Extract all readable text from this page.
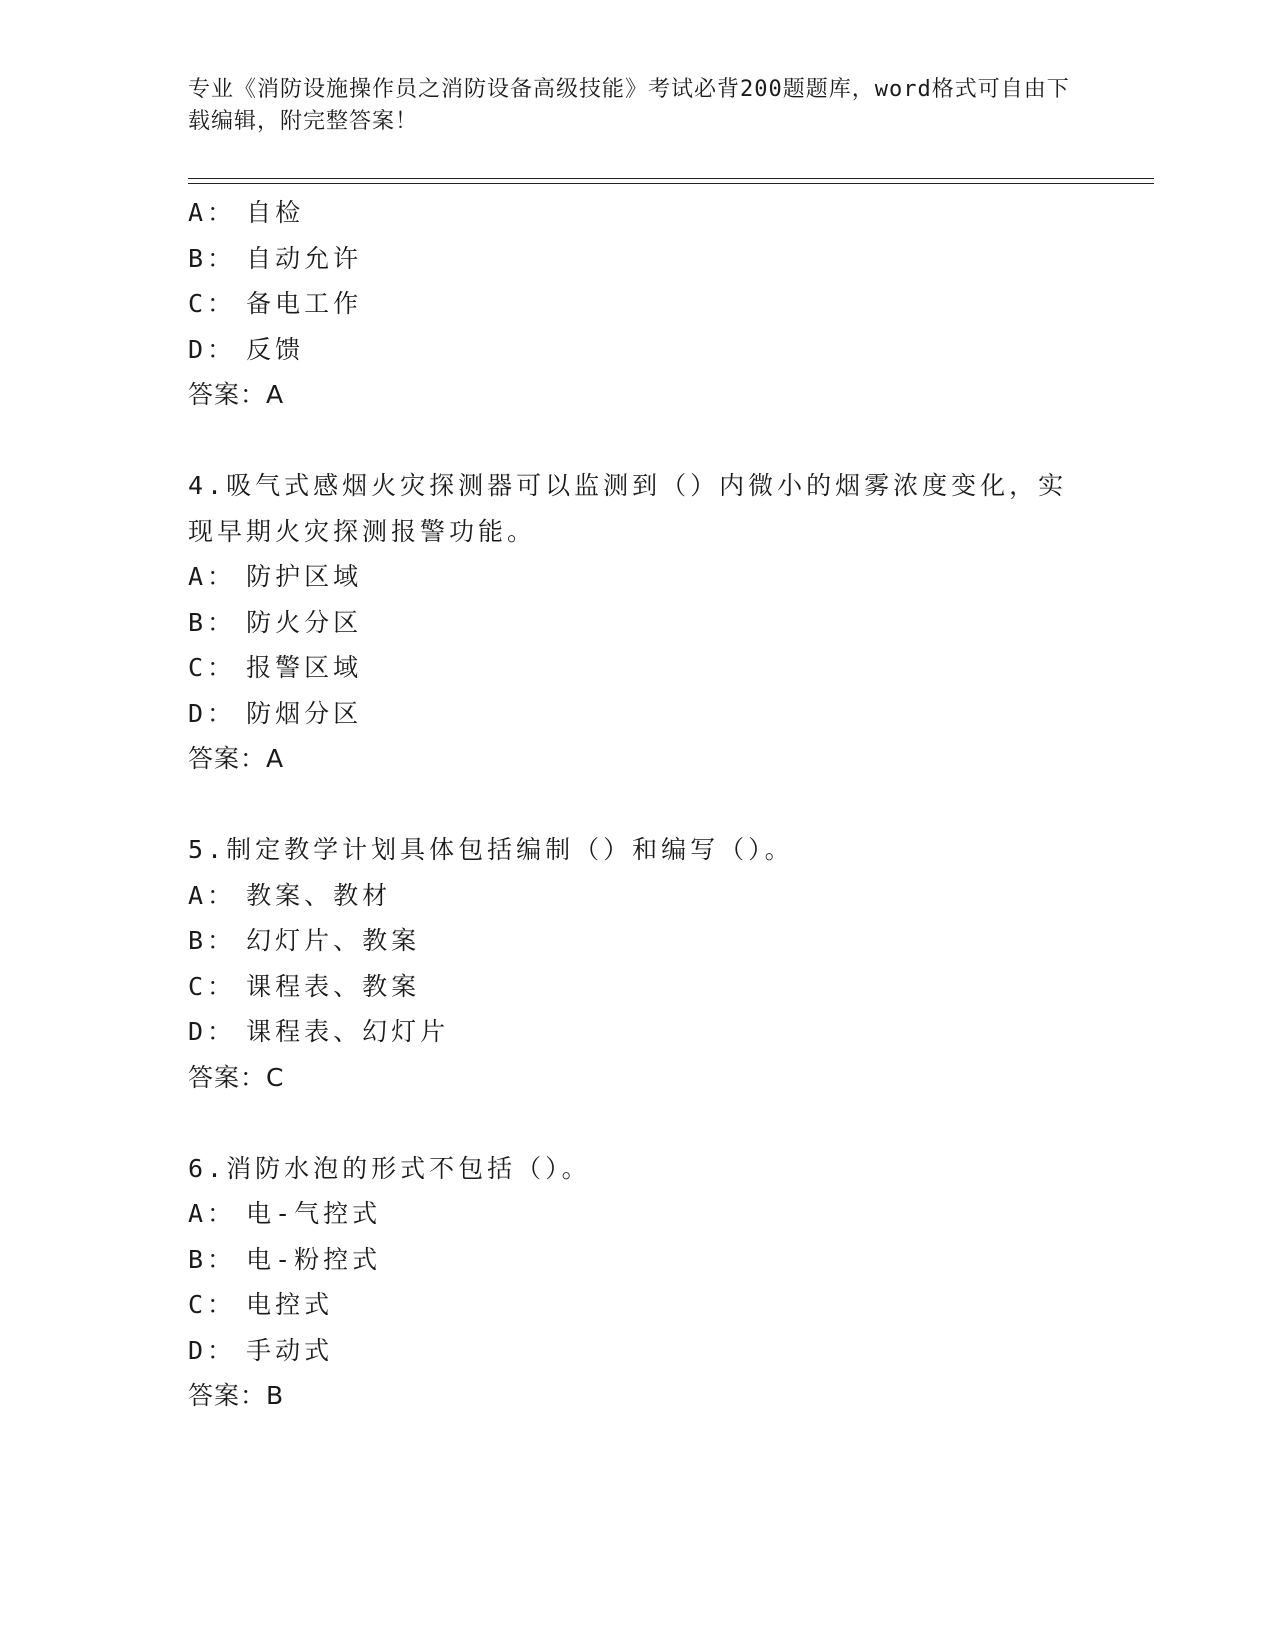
专业《消防设施操作员之消防设备高级技能》考试必背200题题库，word格式可自由下载编辑，附完整答案！
A： 自检
B： 自动允许
C： 备电工作
D： 反馈
答案：A
4.吸气式感烟火灾探测器可以监测到（）内微小的烟雾浓度变化，实现早期火灾探测报警功能。
A： 防护区域
B： 防火分区
C： 报警区域
D： 防烟分区
答案：A
5.制定教学计划具体包括编制（）和编写（）。
A： 教案、教材
B： 幻灯片、教案
C： 课程表、教案
D： 课程表、幻灯片
答案：C
6.消防水泡的形式不包括（）。
A： 电-气控式
B： 电-粉控式
C： 电控式
D： 手动式
答案：B
